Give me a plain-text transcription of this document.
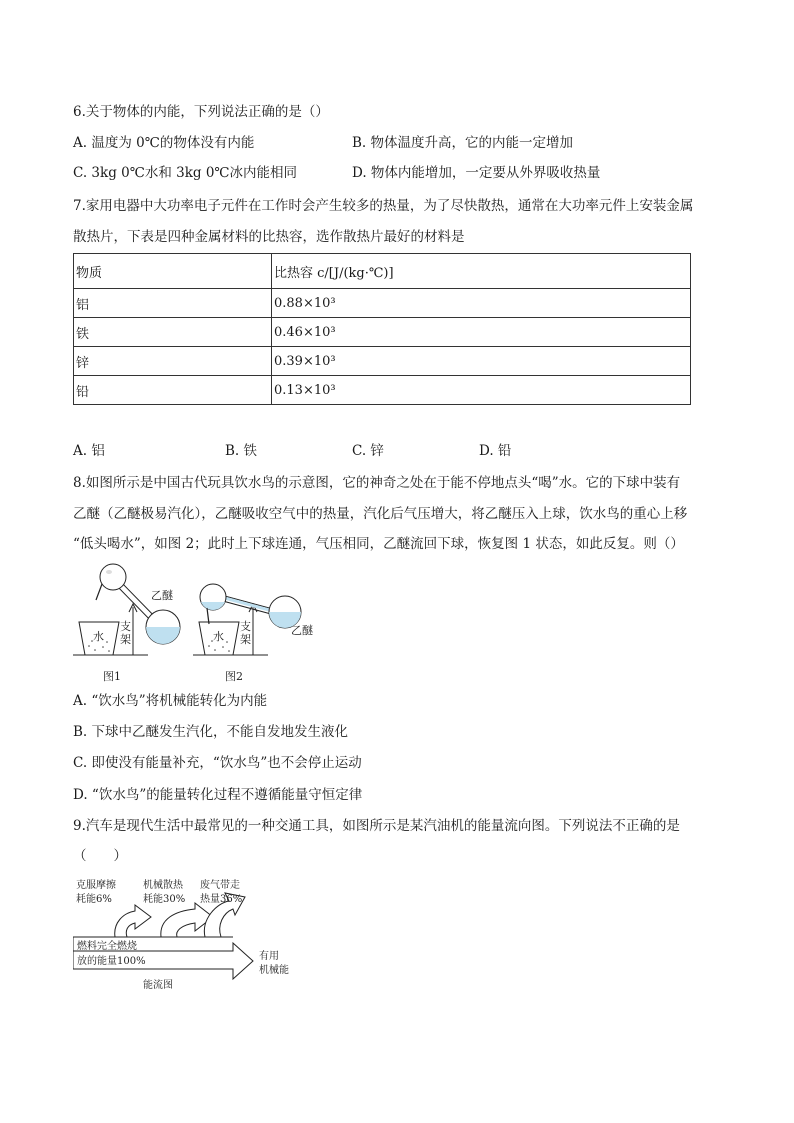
6.关于物体的内能，下列说法正确的是（）
A. 温度为 0℃的物体没有内能	B. 物体温度升高，它的内能一定增加
C. 3kg 0℃水和 3kg 0℃冰内能相同	D. 物体内能增加，一定要从外界吸收热量
7.家用电器中大功率电子元件在工作时会产生较多的热量，为了尽快散热，通常在大功率元件上安装金属
散热片，下表是四种金属材料的比热容，选作散热片最好的材料是
物质	比热容 c/[J/(kg·℃)]
铝	0.88×10³
铁	0.46×10³
锌	0.39×10³
铅	0.13×10³
A. 铝	B. 铁	C. 锌	D. 铅
8.如图所示是中国古代玩具饮水鸟的示意图，它的神奇之处在于能不停地点头“喝”水。它的下球中装有
乙醚（乙醚极易汽化），乙醚吸收空气中的热量，汽化后气压增大，将乙醚压入上球，饮水鸟的重心上移
“低头喝水”，如图 2；此时上下球连通，气压相同，乙醚流回下球，恢复图 1 状态，如此反复。则（）
水
支
架
乙醚
图1
水
支
架
乙醚
图2
A. “饮水鸟”将机械能转化为内能
B. 下球中乙醚发生汽化，不能自发地发生液化
C. 即使没有能量补充，“饮水鸟”也不会停止运动
D. “饮水鸟”的能量转化过程不遵循能量守恒定律
9.汽车是现代生活中最常见的一种交通工具，如图所示是某汽油机的能量流向图。下列说法不正确的是
（　　）
克服摩擦
耗能6%
机械散热
耗能30%
废气带走
热量36%
燃料完全燃烧
放的能量100%	有用
机械能
能流图
